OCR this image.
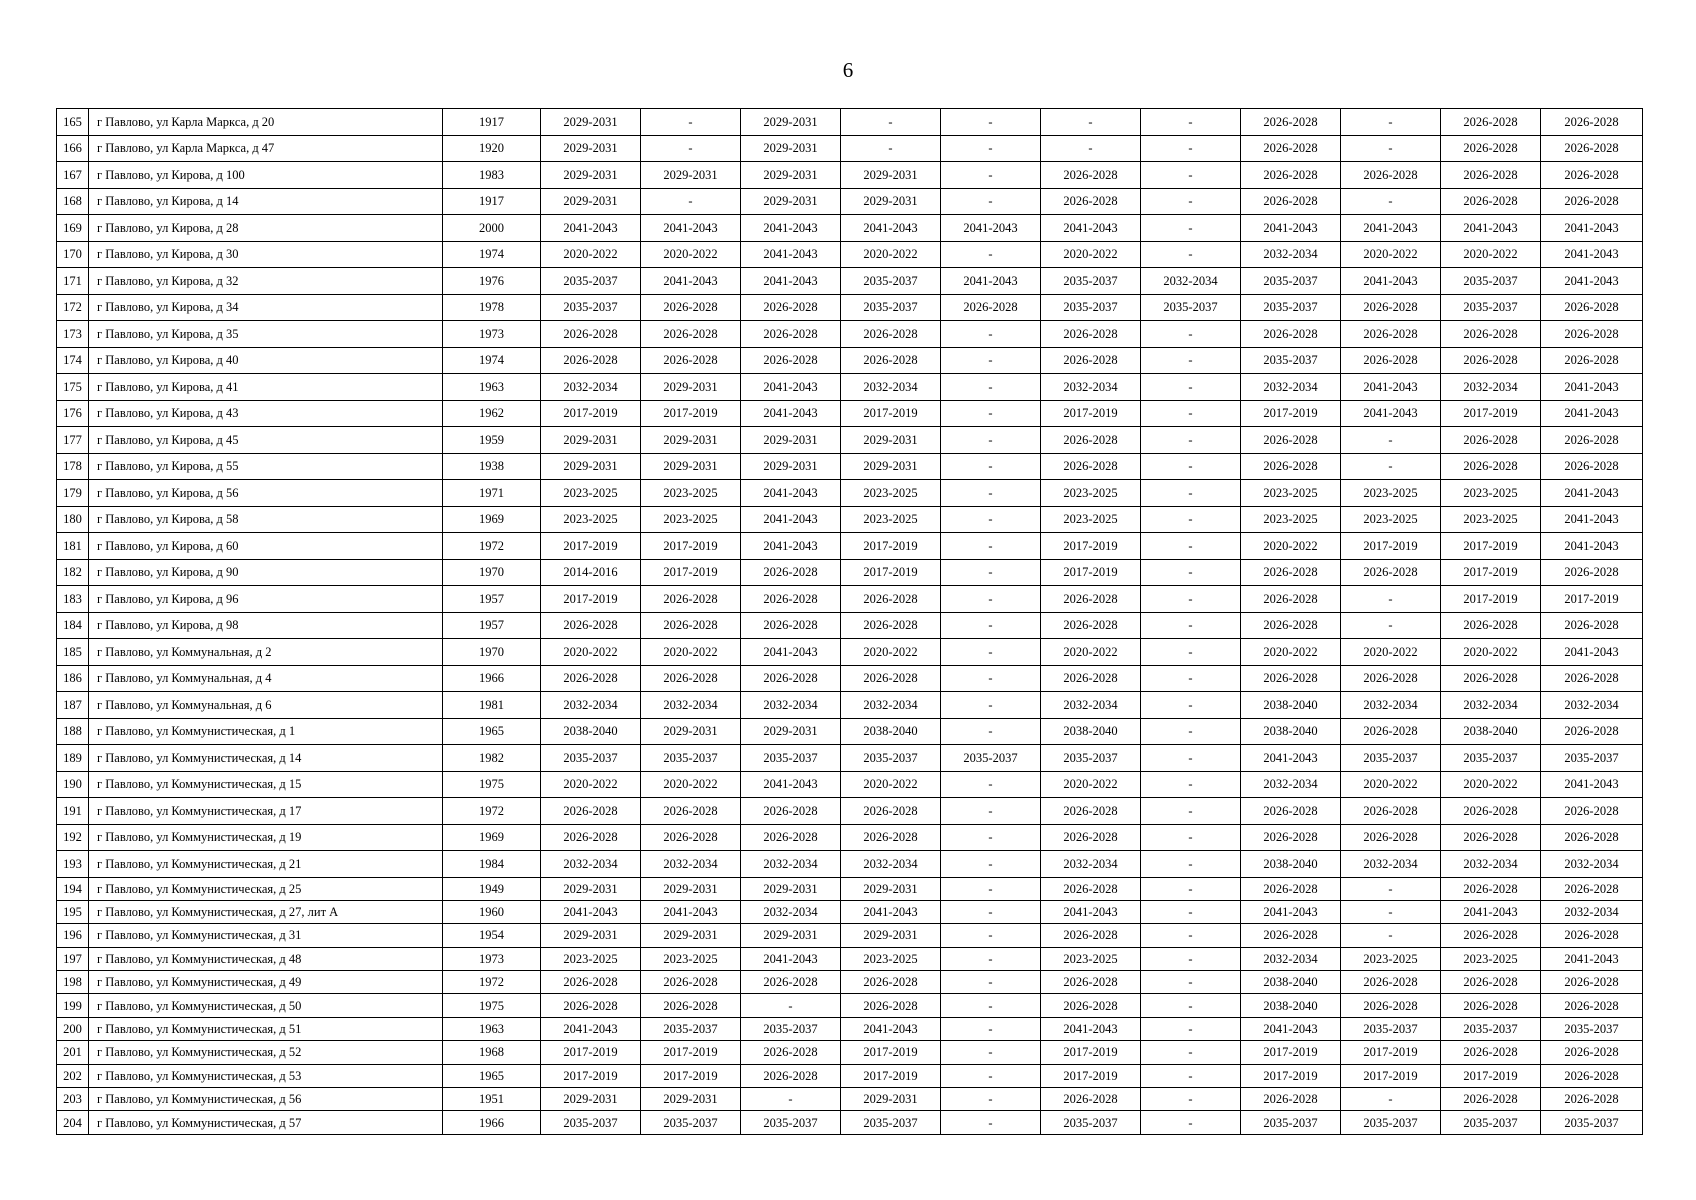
6
165	г Павлово, ул Карла Маркса, д 20	1917	2029-2031	-	2029-2031	-	-	-	-	2026-2028	-	2026-2028	2026-2028
166	г Павлово, ул Карла Маркса, д 47	1920	2029-2031	-	2029-2031	-	-	-	-	2026-2028	-	2026-2028	2026-2028
167	г Павлово, ул Кирова, д 100	1983	2029-2031	2029-2031	2029-2031	2029-2031	-	2026-2028	-	2026-2028	2026-2028	2026-2028	2026-2028
168	г Павлово, ул Кирова, д 14	1917	2029-2031	-	2029-2031	2029-2031	-	2026-2028	-	2026-2028	-	2026-2028	2026-2028
169	г Павлово, ул Кирова, д 28	2000	2041-2043	2041-2043	2041-2043	2041-2043	2041-2043	2041-2043	-	2041-2043	2041-2043	2041-2043	2041-2043
170	г Павлово, ул Кирова, д 30	1974	2020-2022	2020-2022	2041-2043	2020-2022	-	2020-2022	-	2032-2034	2020-2022	2020-2022	2041-2043
171	г Павлово, ул Кирова, д 32	1976	2035-2037	2041-2043	2041-2043	2035-2037	2041-2043	2035-2037	2032-2034	2035-2037	2041-2043	2035-2037	2041-2043
172	г Павлово, ул Кирова, д 34	1978	2035-2037	2026-2028	2026-2028	2035-2037	2026-2028	2035-2037	2035-2037	2035-2037	2026-2028	2035-2037	2026-2028
173	г Павлово, ул Кирова, д 35	1973	2026-2028	2026-2028	2026-2028	2026-2028	-	2026-2028	-	2026-2028	2026-2028	2026-2028	2026-2028
174	г Павлово, ул Кирова, д 40	1974	2026-2028	2026-2028	2026-2028	2026-2028	-	2026-2028	-	2035-2037	2026-2028	2026-2028	2026-2028
175	г Павлово, ул Кирова, д 41	1963	2032-2034	2029-2031	2041-2043	2032-2034	-	2032-2034	-	2032-2034	2041-2043	2032-2034	2041-2043
176	г Павлово, ул Кирова, д 43	1962	2017-2019	2017-2019	2041-2043	2017-2019	-	2017-2019	-	2017-2019	2041-2043	2017-2019	2041-2043
177	г Павлово, ул Кирова, д 45	1959	2029-2031	2029-2031	2029-2031	2029-2031	-	2026-2028	-	2026-2028	-	2026-2028	2026-2028
178	г Павлово, ул Кирова, д 55	1938	2029-2031	2029-2031	2029-2031	2029-2031	-	2026-2028	-	2026-2028	-	2026-2028	2026-2028
179	г Павлово, ул Кирова, д 56	1971	2023-2025	2023-2025	2041-2043	2023-2025	-	2023-2025	-	2023-2025	2023-2025	2023-2025	2041-2043
180	г Павлово, ул Кирова, д 58	1969	2023-2025	2023-2025	2041-2043	2023-2025	-	2023-2025	-	2023-2025	2023-2025	2023-2025	2041-2043
181	г Павлово, ул Кирова, д 60	1972	2017-2019	2017-2019	2041-2043	2017-2019	-	2017-2019	-	2020-2022	2017-2019	2017-2019	2041-2043
182	г Павлово, ул Кирова, д 90	1970	2014-2016	2017-2019	2026-2028	2017-2019	-	2017-2019	-	2026-2028	2026-2028	2017-2019	2026-2028
183	г Павлово, ул Кирова, д 96	1957	2017-2019	2026-2028	2026-2028	2026-2028	-	2026-2028	-	2026-2028	-	2017-2019	2017-2019
184	г Павлово, ул Кирова, д 98	1957	2026-2028	2026-2028	2026-2028	2026-2028	-	2026-2028	-	2026-2028	-	2026-2028	2026-2028
185	г Павлово, ул Коммунальная, д 2	1970	2020-2022	2020-2022	2041-2043	2020-2022	-	2020-2022	-	2020-2022	2020-2022	2020-2022	2041-2043
186	г Павлово, ул Коммунальная, д 4	1966	2026-2028	2026-2028	2026-2028	2026-2028	-	2026-2028	-	2026-2028	2026-2028	2026-2028	2026-2028
187	г Павлово, ул Коммунальная, д 6	1981	2032-2034	2032-2034	2032-2034	2032-2034	-	2032-2034	-	2038-2040	2032-2034	2032-2034	2032-2034
188	г Павлово, ул Коммунистическая, д 1	1965	2038-2040	2029-2031	2029-2031	2038-2040	-	2038-2040	-	2038-2040	2026-2028	2038-2040	2026-2028
189	г Павлово, ул Коммунистическая, д 14	1982	2035-2037	2035-2037	2035-2037	2035-2037	2035-2037	2035-2037	-	2041-2043	2035-2037	2035-2037	2035-2037
190	г Павлово, ул Коммунистическая, д 15	1975	2020-2022	2020-2022	2041-2043	2020-2022	-	2020-2022	-	2032-2034	2020-2022	2020-2022	2041-2043
191	г Павлово, ул Коммунистическая, д 17	1972	2026-2028	2026-2028	2026-2028	2026-2028	-	2026-2028	-	2026-2028	2026-2028	2026-2028	2026-2028
192	г Павлово, ул Коммунистическая, д 19	1969	2026-2028	2026-2028	2026-2028	2026-2028	-	2026-2028	-	2026-2028	2026-2028	2026-2028	2026-2028
193	г Павлово, ул Коммунистическая, д 21	1984	2032-2034	2032-2034	2032-2034	2032-2034	-	2032-2034	-	2038-2040	2032-2034	2032-2034	2032-2034
194	г Павлово, ул Коммунистическая, д 25	1949	2029-2031	2029-2031	2029-2031	2029-2031	-	2026-2028	-	2026-2028	-	2026-2028	2026-2028
195	г Павлово, ул Коммунистическая, д 27, лит А	1960	2041-2043	2041-2043	2032-2034	2041-2043	-	2041-2043	-	2041-2043	-	2041-2043	2032-2034
196	г Павлово, ул Коммунистическая, д 31	1954	2029-2031	2029-2031	2029-2031	2029-2031	-	2026-2028	-	2026-2028	-	2026-2028	2026-2028
197	г Павлово, ул Коммунистическая, д 48	1973	2023-2025	2023-2025	2041-2043	2023-2025	-	2023-2025	-	2032-2034	2023-2025	2023-2025	2041-2043
198	г Павлово, ул Коммунистическая, д 49	1972	2026-2028	2026-2028	2026-2028	2026-2028	-	2026-2028	-	2038-2040	2026-2028	2026-2028	2026-2028
199	г Павлово, ул Коммунистическая, д 50	1975	2026-2028	2026-2028	-	2026-2028	-	2026-2028	-	2038-2040	2026-2028	2026-2028	2026-2028
200	г Павлово, ул Коммунистическая, д 51	1963	2041-2043	2035-2037	2035-2037	2041-2043	-	2041-2043	-	2041-2043	2035-2037	2035-2037	2035-2037
201	г Павлово, ул Коммунистическая, д 52	1968	2017-2019	2017-2019	2026-2028	2017-2019	-	2017-2019	-	2017-2019	2017-2019	2026-2028	2026-2028
202	г Павлово, ул Коммунистическая, д 53	1965	2017-2019	2017-2019	2026-2028	2017-2019	-	2017-2019	-	2017-2019	2017-2019	2017-2019	2026-2028
203	г Павлово, ул Коммунистическая, д 56	1951	2029-2031	2029-2031	-	2029-2031	-	2026-2028	-	2026-2028	-	2026-2028	2026-2028
204	г Павлово, ул Коммунистическая, д 57	1966	2035-2037	2035-2037	2035-2037	2035-2037	-	2035-2037	-	2035-2037	2035-2037	2035-2037	2035-2037
